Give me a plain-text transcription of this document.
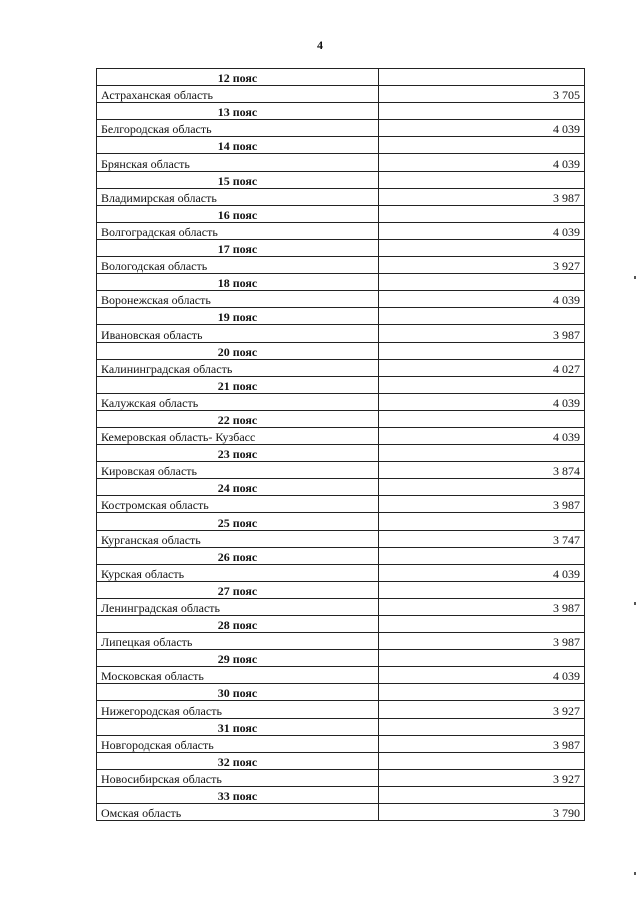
4
12 пояс	
Астраханская область	3 705
13 пояс	
Белгородская область	4 039
14 пояс	
Брянская область	4 039
15 пояс	
Владимирская область	3 987
16 пояс	
Волгоградская область	4 039
17 пояс	
Вологодская область	3 927
18 пояс	
Воронежская область	4 039
19 пояс	
Ивановская область	3 987
20 пояс	
Калининградская область	4 027
21 пояс	
Калужская область	4 039
22 пояс	
Кемеровская область- Кузбасс	4 039
23 пояс	
Кировская область	3 874
24 пояс	
Костромская область	3 987
25 пояс	
Курганская область	3 747
26 пояс	
Курская область	4 039
27 пояс	
Ленинградская область	3 987
28 пояс	
Липецкая область	3 987
29 пояс	
Московская область	4 039
30 пояс	
Нижегородская область	3 927
31 пояс	
Новгородская область	3 987
32 пояс	
Новосибирская область	3 927
33 пояс	
Омская область	3 790
